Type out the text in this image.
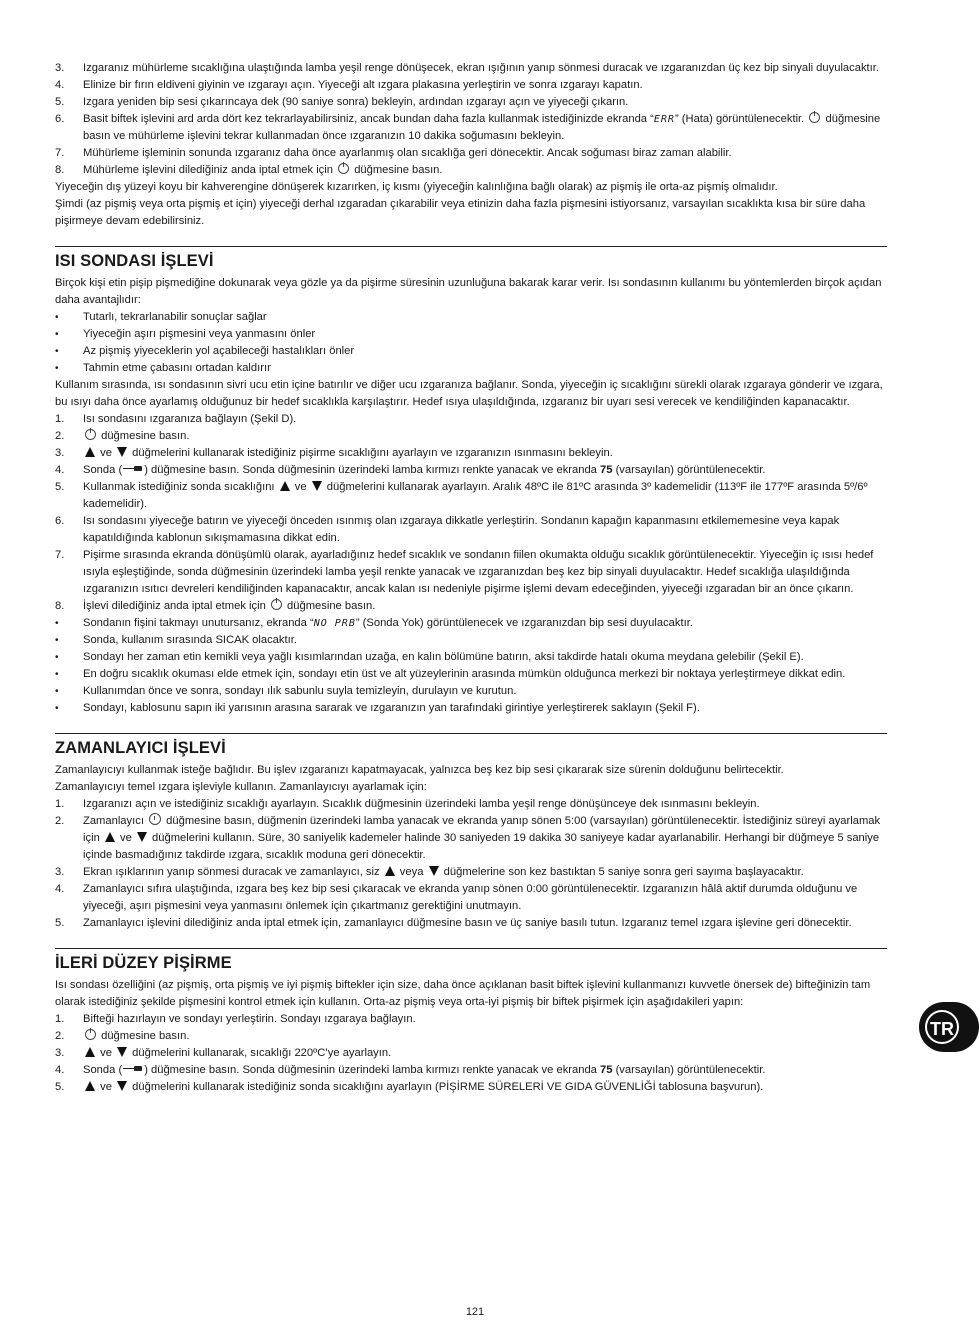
3.	Izgaranız mühürleme sıcaklığına ulaştığında lamba yeşil renge dönüşecek, ekran ışığının yanıp sönmesi duracak ve ızgaranızdan üç kez bip sinyali duyulacaktır.
4.	Elinize bir fırın eldiveni giyinin ve ızgarayı açın. Yiyeceği alt ızgara plakasına yerleştirin ve sonra ızgarayı kapatın.
5.	Izgara yeniden bip sesi çıkarıncaya dek (90 saniye sonra) bekleyin, ardından ızgarayı açın ve yiyeceği çıkarın.
6.	Basit biftek işlevini ard arda dört kez tekrarlayabilirsiniz, ancak bundan daha fazla kullanmak istediğinizde ekranda “ERR” (Hata) görüntülenecektir.  düğmesine basın ve mühürleme işlevini tekrar kullanmadan önce ızgaranızın 10 dakika soğumasını bekleyin.
7.	Mühürleme işleminin sonunda ızgaranız daha önce ayarlanmış olan sıcaklığa geri dönecektir. Ancak soğuması biraz zaman alabilir.
8.	Mühürleme işlevini dilediğiniz anda iptal etmek için  düğmesine basın.
Yiyeceğin dış yüzeyi koyu bir kahverengine dönüşerek kızarırken, iç kısmı (yiyeceğin kalınlığına bağlı olarak) az pişmiş ile orta-az pişmiş olmalıdır.
Şimdi (az pişmiş veya orta pişmiş et için) yiyeceği derhal ızgaradan çıkarabilir veya etinizin daha fazla pişmesini istiyorsanız, varsayılan sıcaklıkta kısa bir süre daha pişirmeye devam edebilirsiniz.
ISI SONDASI İŞLEVİ
Birçok kişi etin pişip pişmediğine dokunarak veya gözle ya da pişirme süresinin uzunluğuna bakarak karar verir. Isı sondasının kullanımı bu yöntemlerden birçok açıdan daha avantajlıdır:
•	Tutarlı, tekrarlanabilir sonuçlar sağlar
•	Yiyeceğin aşırı pişmesini veya yanmasını önler
•	Az pişmiş yiyeceklerin yol açabileceği hastalıkları önler
•	Tahmin etme çabasını ortadan kaldırır
Kullanım sırasında, ısı sondasının sivri ucu etin içine batırılır ve diğer ucu ızgaranıza bağlanır. Sonda, yiyeceğin iç sıcaklığını sürekli olarak ızgaraya gönderir ve ızgara, bu ısıyı daha önce ayarlamış olduğunuz bir hedef sıcaklıkla karşılaştırır. Hedef ısıya ulaşıldığında, ızgaranız bir uyarı sesi verecek ve kendiliğinden kapanacaktır.
1.	Isı sondasını ızgaranıza bağlayın (Şekil D).
2.	düğmesine basın.
3.	ve  düğmelerini kullanarak istediğiniz pişirme sıcaklığını ayarlayın ve ızgaranızın ısınmasını bekleyin.
4.	Sonda ( ) düğmesine basın. Sonda düğmesinin üzerindeki lamba kırmızı renkte yanacak ve ekranda 75 (varsayılan) görüntülenecektir.
5.	Kullanmak istediğiniz sonda sıcaklığını  ve  düğmelerini kullanarak ayarlayın. Aralık 48ºC ile 81ºC arasında 3º kademelidir (113ºF ile 177ºF arasında 5º/6º kademelidir).
6.	Isı sondasını yiyeceğe batırın ve yiyeceği önceden ısınmış olan ızgaraya dikkatle yerleştirin. Sondanın kapağın kapanmasını etkilememesine veya kapak kapatıldığında kablonun sıkışmamasına dikkat edin.
7.	Pişirme sırasında ekranda dönüşümlü olarak, ayarladığınız hedef sıcaklık ve sondanın fiilen okumakta olduğu sıcaklık görüntülenecektir. Yiyeceğin iç ısısı hedef ısıyla eşleştiğinde, sonda düğmesinin üzerindeki lamba yeşil renkte yanacak ve ızgaranızdan beş kez bip sinyali duyulacaktır. Hedef sıcaklığa ulaşıldığında ızgaranızın ısıtıcı devreleri kendiliğinden kapanacaktır, ancak kalan ısı nedeniyle pişirme işlemi devam edeceğinden, yiyeceği ızgaradan bir an önce çıkarın.
8.	İşlevi dilediğiniz anda iptal etmek için  düğmesine basın.
•	Sondanın fişini takmayı unutursanız, ekranda “NO PRB” (Sonda Yok) görüntülenecek ve ızgaranızdan bip sesi duyulacaktır.
•	Sonda, kullanım sırasında SICAK olacaktır.
•	Sondayı her zaman etin kemikli veya yağlı kısımlarından uzağa, en kalın bölümüne batırın, aksi takdirde hatalı okuma meydana gelebilir (Şekil E).
•	En doğru sıcaklık okuması elde etmek için, sondayı etin üst ve alt yüzeylerinin arasında mümkün olduğunca merkezi bir noktaya yerleştirmeye dikkat edin.
•	Kullanımdan önce ve sonra, sondayı ılık sabunlu suyla temizleyin, durulayın ve kurutun.
•	Sondayı, kablosunu sapın iki yarısının arasına sararak ve ızgaranızın yan tarafındaki girintiye yerleştirerek saklayın (Şekil F).
ZAMANLAYICI İŞLEVİ
Zamanlayıcıyı kullanmak isteğe bağlıdır. Bu işlev ızgaranızı kapatmayacak, yalnızca beş kez bip sesi çıkararak size sürenin dolduğunu belirtecektir.
Zamanlayıcıyı temel ızgara işleviyle kullanın. Zamanlayıcıyı ayarlamak için:
1.	Izgaranızı açın ve istediğiniz sıcaklığı ayarlayın. Sıcaklık düğmesinin üzerindeki lamba yeşil renge dönüşünceye dek ısınmasını bekleyin.
2.	Zamanlayıcı  düğmesine basın, düğmenin üzerindeki lamba yanacak ve ekranda yanıp sönen 5:00 (varsayılan) görüntülenecektir. İstediğiniz süreyi ayarlamak için  ve  düğmelerini kullanın. Süre, 30 saniyelik kademeler halinde 30 saniyeden 19 dakika 30 saniyeye kadar ayarlanabilir. Herhangi bir düğmeye 5 saniye içinde basmadığınız takdirde ızgara, sıcaklık moduna geri dönecektir.
3.	Ekran ışıklarının yanıp sönmesi duracak ve zamanlayıcı, siz  veya  düğmelerine son kez bastıktan 5 saniye sonra geri sayıma başlayacaktır.
4.	Zamanlayıcı sıfıra ulaştığında, ızgara beş kez bip sesi çıkaracak ve ekranda yanıp sönen 0:00 görüntülenecektir. Izgaranızın hâlâ aktif durumda olduğunu ve yiyeceği, aşırı pişmesini veya yanmasını önlemek için çıkartmanız gerektiğini unutmayın.
5.	Zamanlayıcı işlevini dilediğiniz anda iptal etmek için, zamanlayıcı düğmesine basın ve üç saniye basılı tutun. Izgaranız temel ızgara işlevine geri dönecektir.
İLERİ DÜZEY PİŞİRME
Isı sondası özelliğini (az pişmiş, orta pişmiş ve iyi pişmiş biftekler için size, daha önce açıklanan basit biftek işlevini kullanmanızı kuvvetle önersek de) bifteğinizin tam olarak istediğiniz şekilde pişmesini kontrol etmek için kullanın. Orta-az pişmiş veya orta-iyi pişmiş bir biftek pişirmek için aşağıdakileri yapın:
1.	Bifteği hazırlayın ve sondayı yerleştirin. Sondayı ızgaraya bağlayın.
2.	düğmesine basın.
3.	ve  düğmelerini kullanarak, sıcaklığı 220ºC’ye ayarlayın.
4.	Sonda ( ) düğmesine basın. Sonda düğmesinin üzerindeki lamba kırmızı renkte yanacak ve ekranda 75 (varsayılan) görüntülenecektir.
5.	ve  düğmelerini kullanarak istediğiniz sonda sıcaklığını ayarlayın (PİŞİRME SÜRELERİ VE GIDA GÜVENLİĞİ tablosuna başvurun).
TR
121
